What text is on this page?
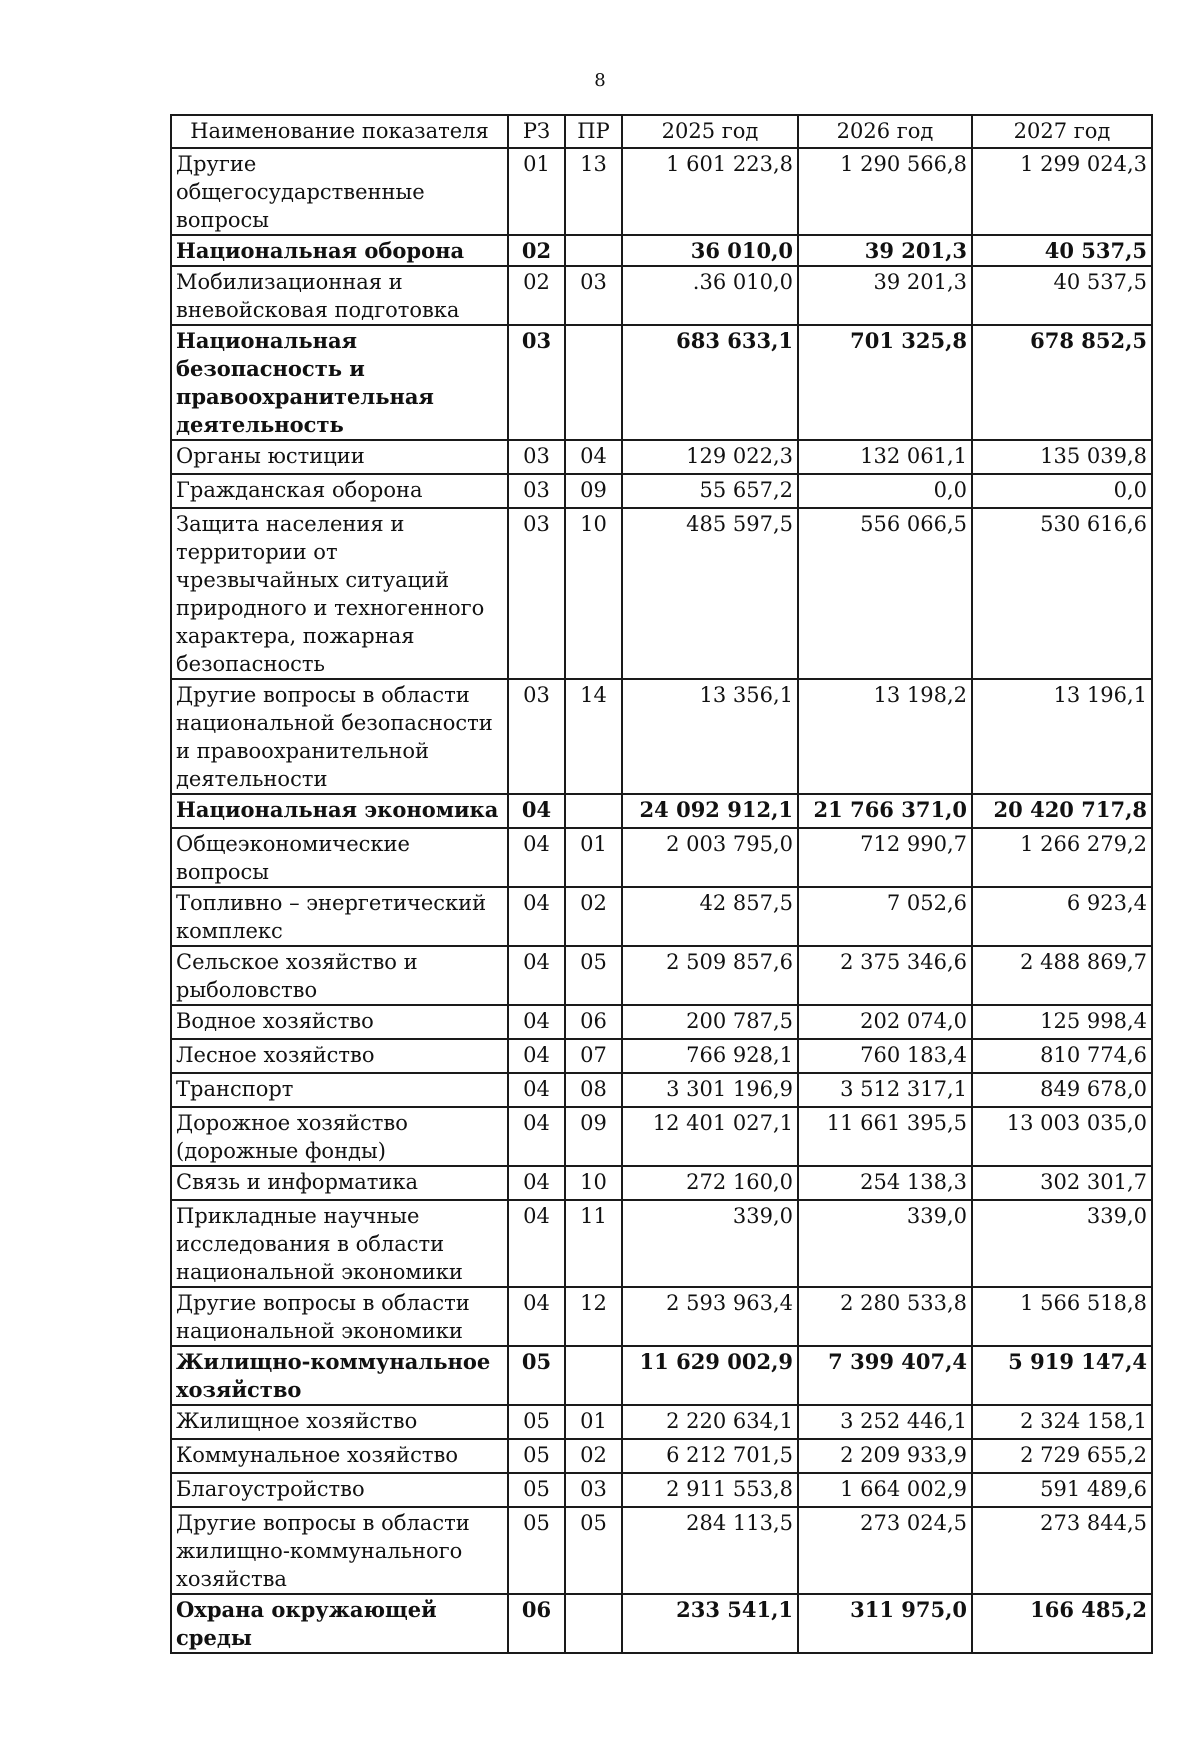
8
Наименование показателя	РЗ	ПР	2025 год	2026 год	2027 год
Другие общегосударственные вопросы	01	13	1 601 223,8	1 290 566,8	1 299 024,3
Национальная оборона	02		36 010,0	39 201,3	40 537,5
Мобилизационная и вневойсковая подготовка	02	03	.36 010,0	39 201,3	40 537,5
Национальная безопасность и правоохранительная деятельность	03		683 633,1	701 325,8	678 852,5
Органы юстиции	03	04	129 022,3	132 061,1	135 039,8
Гражданская оборона	03	09	55 657,2	0,0	0,0
Защита населения и территории от чрезвычайных ситуаций природного и техногенного характера, пожарная безопасность	03	10	485 597,5	556 066,5	530 616,6
Другие вопросы в области национальной безопасности и правоохранительной деятельности	03	14	13 356,1	13 198,2	13 196,1
Национальная экономика	04		24 092 912,1	21 766 371,0	20 420 717,8
Общеэкономические вопросы	04	01	2 003 795,0	712 990,7	1 266 279,2
Топливно – энергетический комплекс	04	02	42 857,5	7 052,6	6 923,4
Сельское хозяйство и рыболовство	04	05	2 509 857,6	2 375 346,6	2 488 869,7
Водное хозяйство	04	06	200 787,5	202 074,0	125 998,4
Лесное хозяйство	04	07	766 928,1	760 183,4	810 774,6
Транспорт	04	08	3 301 196,9	3 512 317,1	849 678,0
Дорожное хозяйство (дорожные фонды)	04	09	12 401 027,1	11 661 395,5	13 003 035,0
Связь и информатика	04	10	272 160,0	254 138,3	302 301,7
Прикладные научные исследования в области национальной экономики	04	11	339,0	339,0	339,0
Другие вопросы в области национальной экономики	04	12	2 593 963,4	2 280 533,8	1 566 518,8
Жилищно-коммунальное хозяйство	05		11 629 002,9	7 399 407,4	5 919 147,4
Жилищное хозяйство	05	01	2 220 634,1	3 252 446,1	2 324 158,1
Коммунальное хозяйство	05	02	6 212 701,5	2 209 933,9	2 729 655,2
Благоустройство	05	03	2 911 553,8	1 664 002,9	591 489,6
Другие вопросы в области жилищно-коммунального хозяйства	05	05	284 113,5	273 024,5	273 844,5
Охрана окружающей среды	06		233 541,1	311 975,0	166 485,2
